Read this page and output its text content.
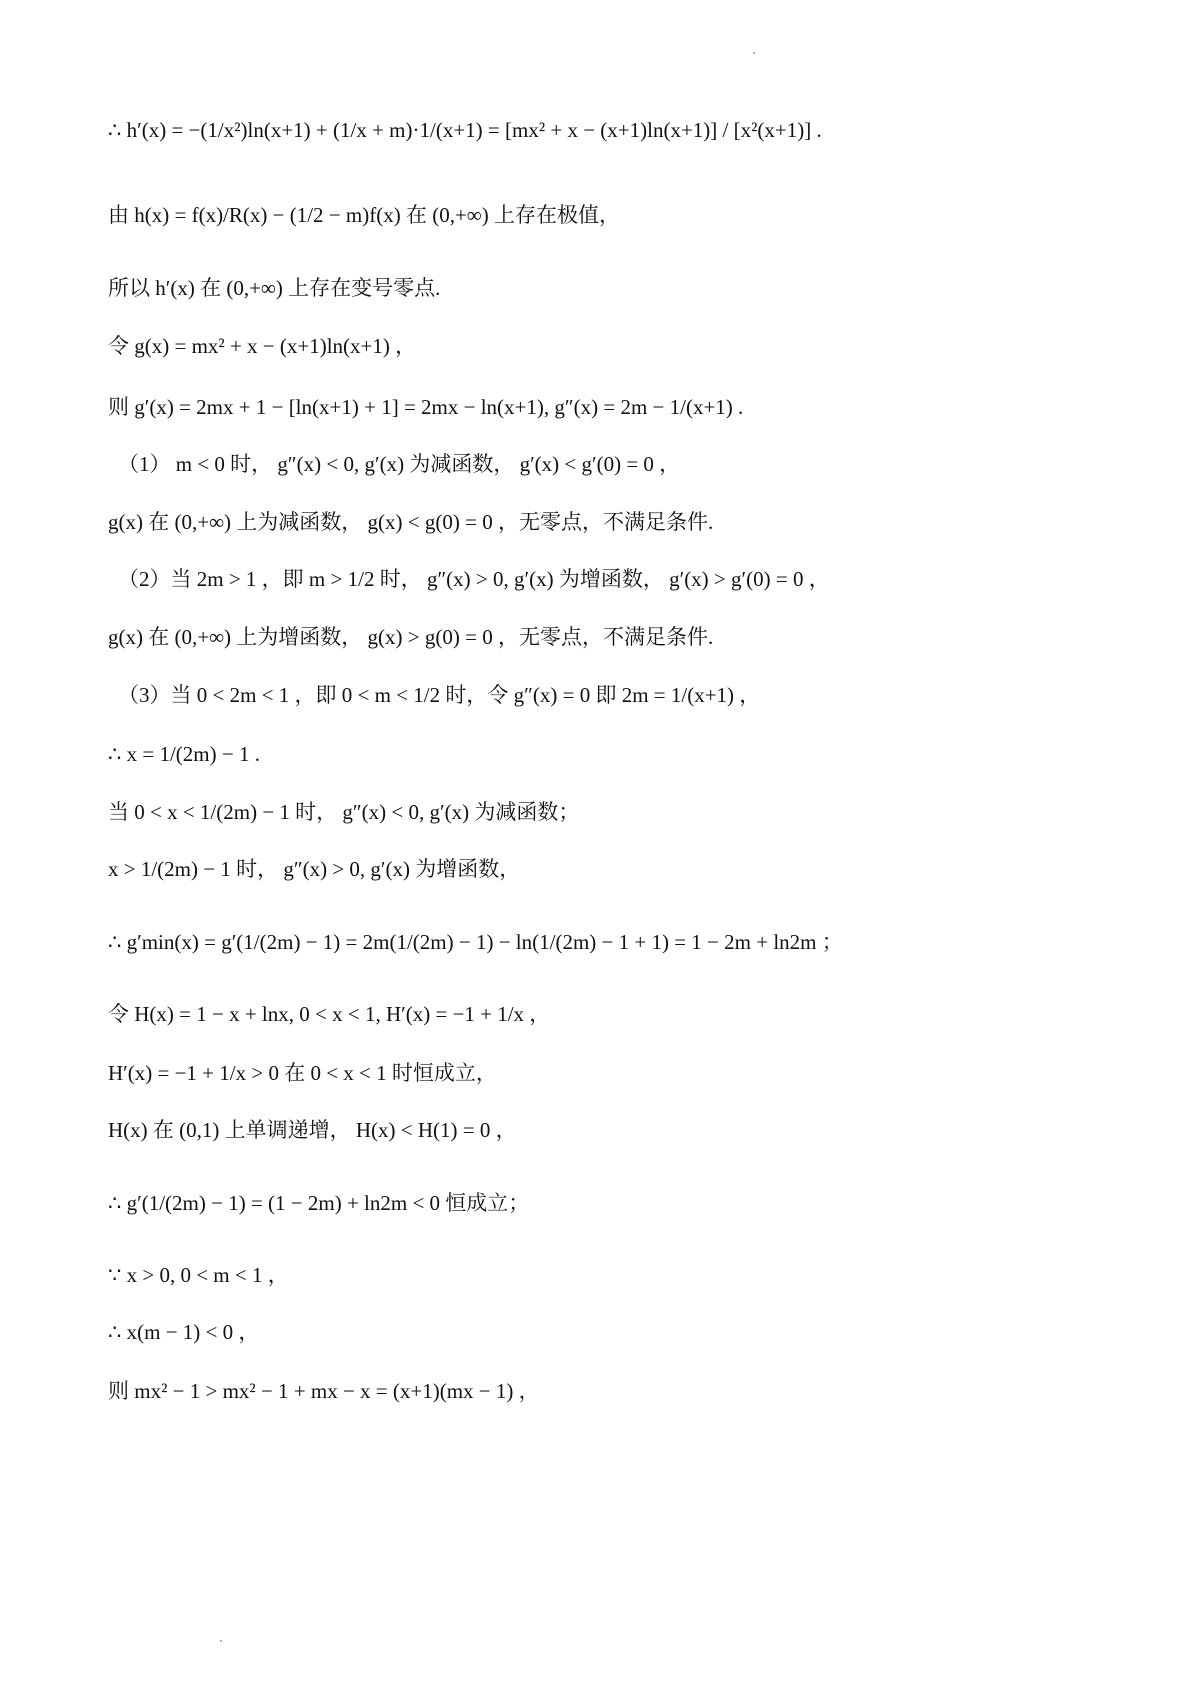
∴ h′(x) = −(1/x²)ln(x+1) + (1/x + m)·1/(x+1) = [mx² + x − (x+1)ln(x+1)] / [x²(x+1)] .
由 h(x) = f(x)/R(x) − (1/2 − m)f(x) 在 (0,+∞) 上存在极值，
所以 h′(x) 在 (0,+∞) 上存在变号零点.
令 g(x) = mx² + x − (x+1)ln(x+1) ，
则 g′(x) = 2mx + 1 − [ln(x+1) + 1] = 2mx − ln(x+1), g″(x) = 2m − 1/(x+1) .
（1） m < 0 时， g″(x) < 0, g′(x) 为减函数， g′(x) < g′(0) = 0 ，
g(x) 在 (0,+∞) 上为减函数， g(x) < g(0) = 0 ，无零点，不满足条件.
（2）当 2m > 1 ，即 m > 1/2 时， g″(x) > 0, g′(x) 为增函数， g′(x) > g′(0) = 0 ，
g(x) 在 (0,+∞) 上为增函数， g(x) > g(0) = 0 ，无零点，不满足条件.
（3）当 0 < 2m < 1 ，即 0 < m < 1/2 时，令 g″(x) = 0 即 2m = 1/(x+1) ，
∴ x = 1/(2m) − 1 .
当 0 < x < 1/(2m) − 1 时， g″(x) < 0, g′(x) 为减函数；
x > 1/(2m) − 1 时， g″(x) > 0, g′(x) 为增函数，
∴ g′min(x) = g′(1/(2m) − 1) = 2m(1/(2m) − 1) − ln(1/(2m) − 1 + 1) = 1 − 2m + ln2m ；
令 H(x) = 1 − x + lnx, 0 < x < 1, H′(x) = −1 + 1/x ，
H′(x) = −1 + 1/x > 0 在 0 < x < 1 时恒成立，
H(x) 在 (0,1) 上单调递增， H(x) < H(1) = 0 ，
∴ g′(1/(2m) − 1) = (1 − 2m) + ln2m < 0 恒成立；
∵ x > 0, 0 < m < 1 ，
∴ x(m − 1) < 0 ，
则 mx² − 1 > mx² − 1 + mx − x = (x+1)(mx − 1) ，
